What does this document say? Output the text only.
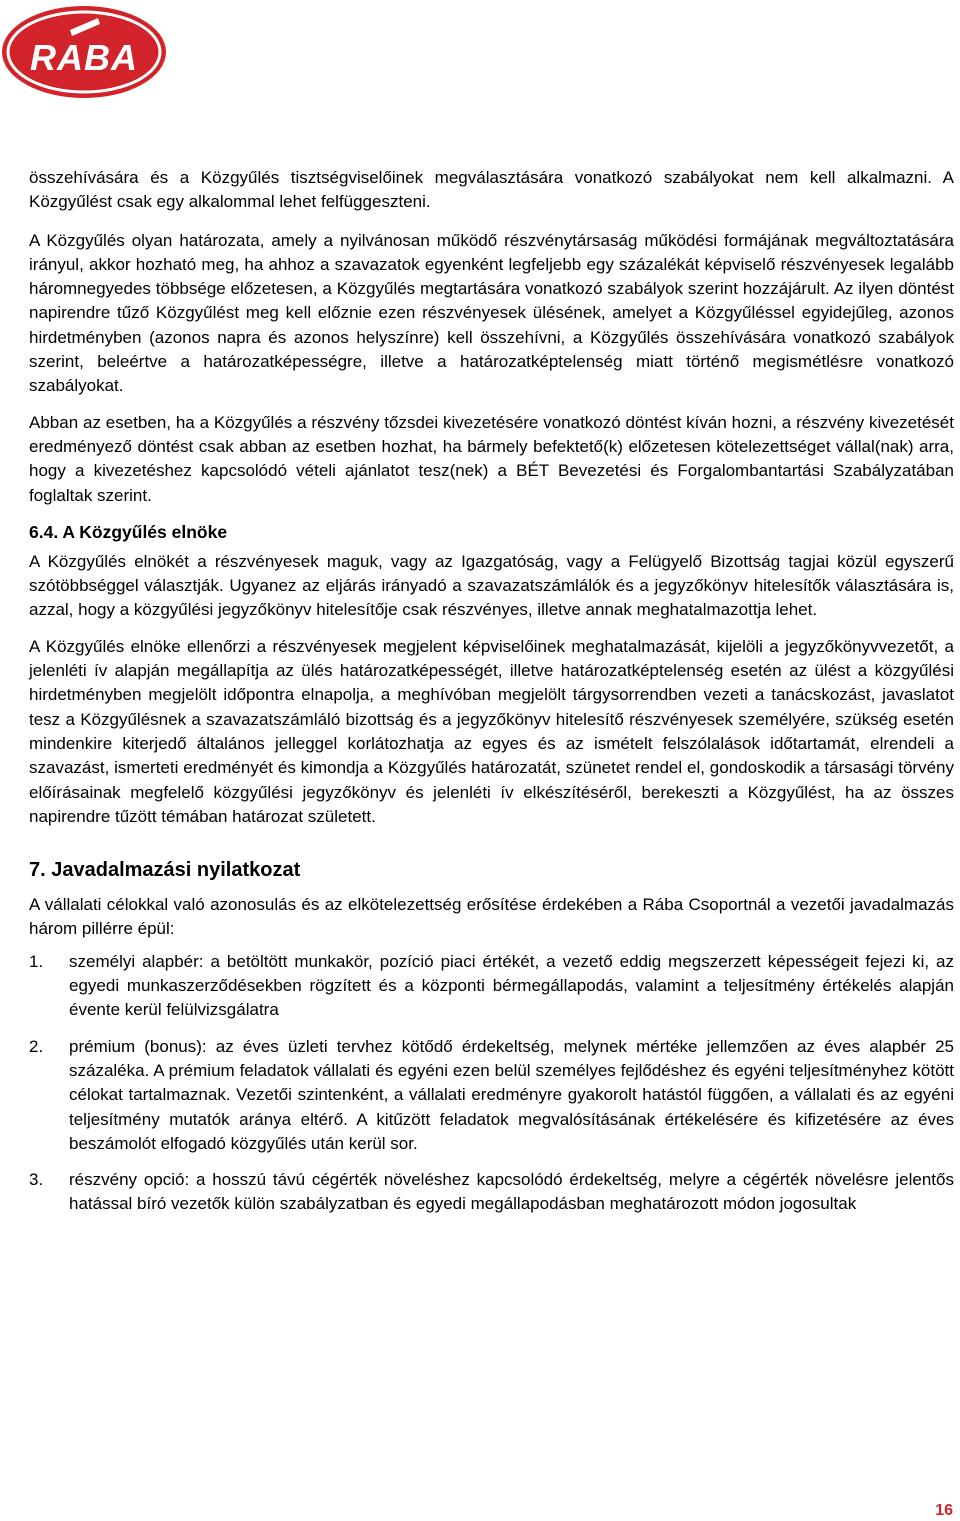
RABA

összehívására és a Közgyűlés tisztségviselőinek megválasztására vonatkozó szabályokat nem kell alkalmazni. A Közgyűlést csak egy alkalommal lehet felfüggeszteni.

A Közgyűlés olyan határozata, amely a nyilvánosan működő részvénytársaság működési formájának megváltoztatására irányul, akkor hozható meg, ha ahhoz a szavazatok egyenként legfeljebb egy százalékát képviselő részvényesek legalább háromnegyedes többsége előzetesen, a Közgyűlés megtartására vonatkozó szabályok szerint hozzájárult. Az ilyen döntést napirendre tűző Közgyűlést meg kell előznie ezen részvényesek ülésének, amelyet a Közgyűléssel egyidejűleg, azonos hirdetményben (azonos napra és azonos helyszínre) kell összehívni, a Közgyűlés összehívására vonatkozó szabályok szerint, beleértve a határozatképességre, illetve a határozatképtelenség miatt történő megismétlésre vonatkozó szabályokat.

Abban az esetben, ha a Közgyűlés a részvény tőzsdei kivezetésére vonatkozó döntést kíván hozni, a részvény kivezetését eredményező döntést csak abban az esetben hozhat, ha bármely befektető(k) előzetesen kötelezettséget vállal(nak) arra, hogy a kivezetéshez kapcsolódó vételi ajánlatot tesz(nek) a BÉT Bevezetési és Forgalombantartási Szabályzatában foglaltak szerint.

6.4. A Közgyűlés elnöke

A Közgyűlés elnökét a részvényesek maguk, vagy az Igazgatóság, vagy a Felügyelő Bizottság tagjai közül egyszerű szótöbbséggel választják. Ugyanez az eljárás irányadó a szavazatszámlálók és a jegyzőkönyv hitelesítők választására is, azzal, hogy a közgyűlési jegyzőkönyv hitelesítője csak részvényes, illetve annak meghatalmazottja lehet.

A Közgyűlés elnöke ellenőrzi a részvényesek megjelent képviselőinek meghatalmazását, kijelöli a jegyzőkönyvvezetőt, a jelenléti ív alapján megállapítja az ülés határozatképességét, illetve határozatképtelenség esetén az ülést a közgyűlési hirdetményben megjelölt időpontra elnapolja, a meghívóban megjelölt tárgysorrendben vezeti a tanácskozást, javaslatot tesz a Közgyűlésnek a szavazatszámláló bizottság és a jegyzőkönyv hitelesítő részvényesek személyére, szükség esetén mindenkire kiterjedő általános jelleggel korlátozhatja az egyes és az ismételt felszólalások időtartamát, elrendeli a szavazást, ismerteti eredményét és kimondja a Közgyűlés határozatát, szünetet rendel el, gondoskodik a társasági törvény előírásainak megfelelő közgyűlési jegyzőkönyv és jelenléti ív elkészítéséről, berekeszti a Közgyűlést, ha az összes napirendre tűzött témában határozat született.

7. Javadalmazási nyilatkozat

A vállalati célokkal való azonosulás és az elkötelezettség erősítése érdekében a Rába Csoportnál a vezetői javadalmazás három pillérre épül:

1. személyi alapbér: a betöltött munkakör, pozíció piaci értékét, a vezető eddig megszerzett képességeit fejezi ki, az egyedi munkaszerződésekben rögzített és a központi bérmegállapodás, valamint a teljesítmény értékelés alapján évente kerül felülvizsgálatra
2. prémium (bonus): az éves üzleti tervhez kötődő érdekeltség, melynek mértéke jellemzően az éves alapbér 25 százaléka. A prémium feladatok vállalati és egyéni ezen belül személyes fejlődéshez és egyéni teljesítményhez kötött célokat tartalmaznak. Vezetői szintenként, a vállalati eredményre gyakorolt hatástól függően, a vállalati és az egyéni teljesítmény mutatók aránya eltérő. A kitűzött feladatok megvalósításának értékelésére és kifizetésére az éves beszámolót elfogadó közgyűlés után kerül sor.
3. részvény opció: a hosszú távú cégérték növeléshez kapcsolódó érdekeltség, melyre a cégérték növelésre jelentős hatással bíró vezetők külön szabályzatban és egyedi megállapodásban meghatározott módon jogosultak
16
